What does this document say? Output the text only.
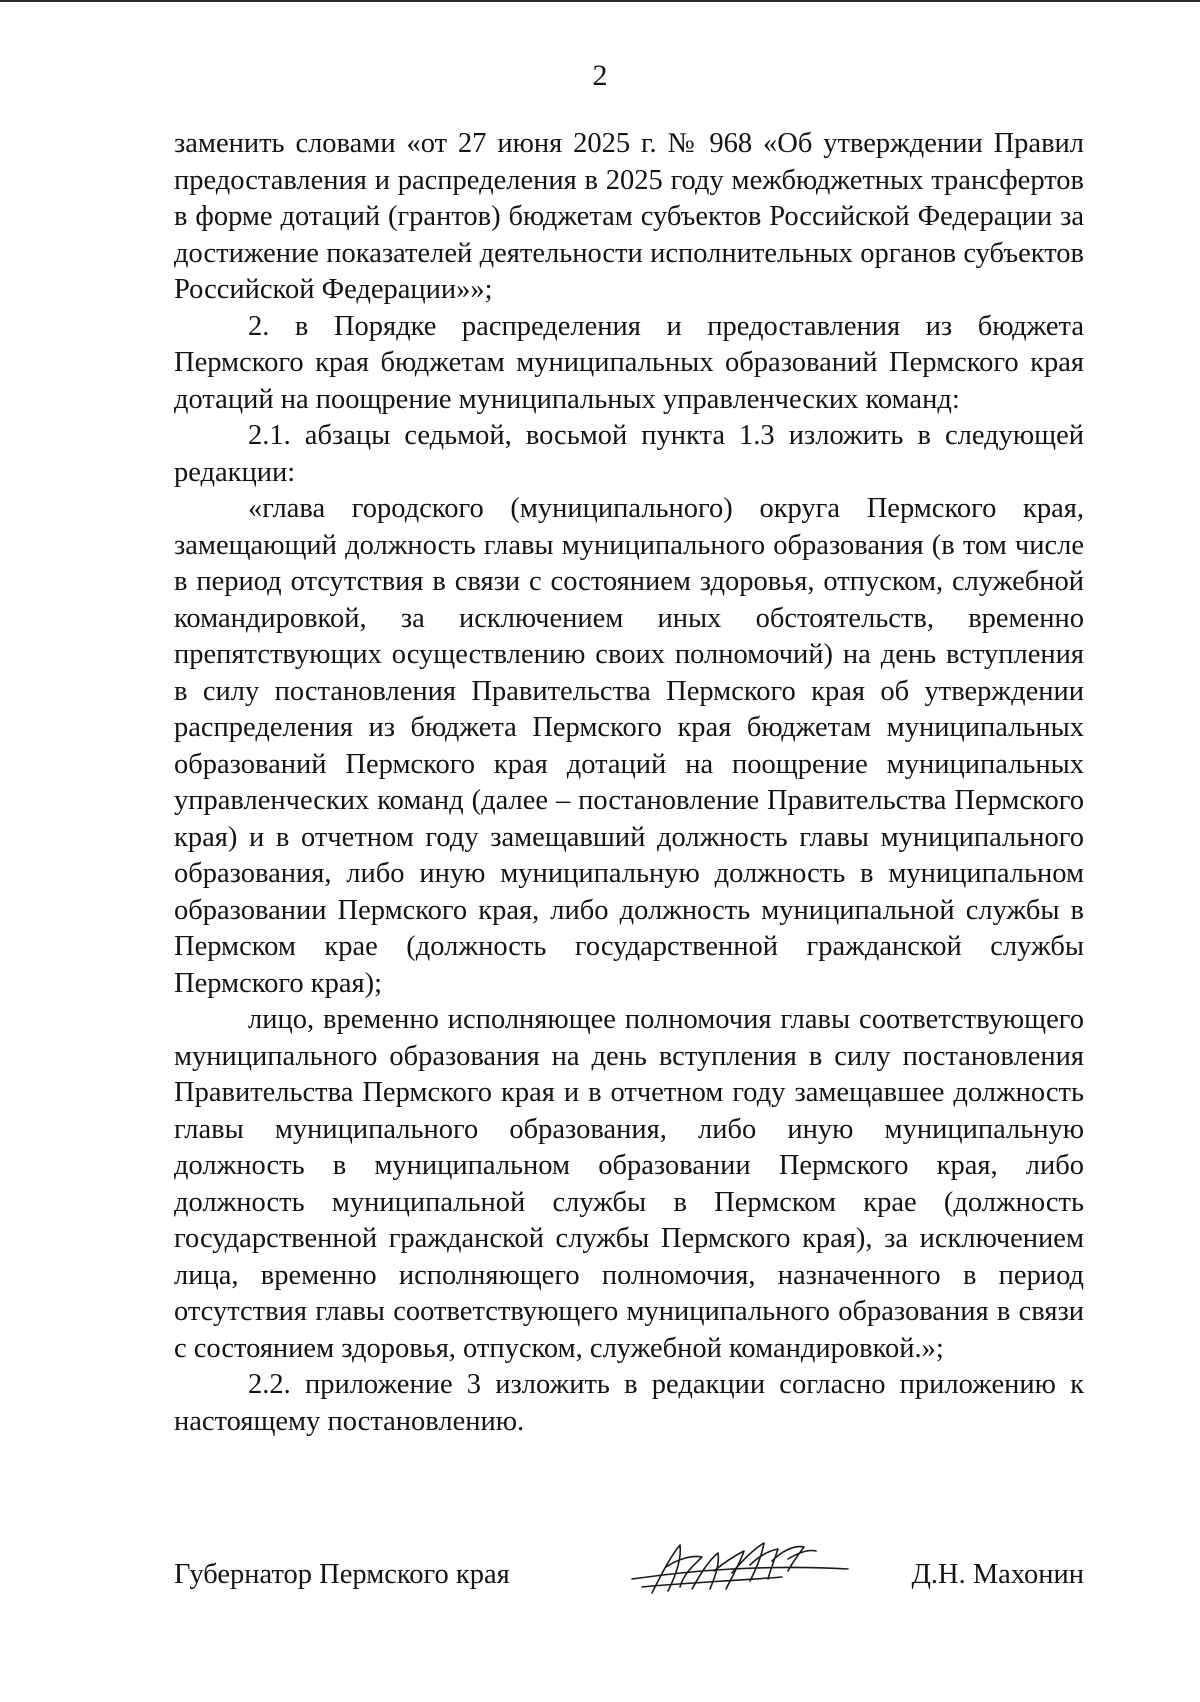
2

заменить словами «от 27 июня 2025 г. № 968 «Об утверждении Правил предоставления и распределения в 2025 году межбюджетных трансфертов в форме дотаций (грантов) бюджетам субъектов Российской Федерации за достижение показателей деятельности исполнительных органов субъектов Российской Федерации»»;

2. в Порядке распределения и предоставления из бюджета Пермского края бюджетам муниципальных образований Пермского края дотаций на поощрение муниципальных управленческих команд:

2.1. абзацы седьмой, восьмой пункта 1.3 изложить в следующей редакции:

«глава городского (муниципального) округа Пермского края, замещающий должность главы муниципального образования (в том числе в период отсутствия в связи с состоянием здоровья, отпуском, служебной командировкой, за исключением иных обстоятельств, временно препятствующих осуществлению своих полномочий) на день вступления в силу постановления Правительства Пермского края об утверждении распределения из бюджета Пермского края бюджетам муниципальных образований Пермского края дотаций на поощрение муниципальных управленческих команд (далее – постановление Правительства Пермского края) и в отчетном году замещавший должность главы муниципального образования, либо иную муниципальную должность в муниципальном образовании Пермского края, либо должность муниципальной службы в Пермском крае (должность государственной гражданской службы Пермского края);

лицо, временно исполняющее полномочия главы соответствующего муниципального образования на день вступления в силу постановления Правительства Пермского края и в отчетном году замещавшее должность главы муниципального образования, либо иную муниципальную должность в муниципальном образовании Пермского края, либо должность муниципальной службы в Пермском крае (должность государственной гражданской службы Пермского края), за исключением лица, временно исполняющего полномочия, назначенного в период отсутствия главы соответствующего муниципального образования в связи с состоянием здоровья, отпуском, служебной командировкой.»;

2.2. приложение 3 изложить в редакции согласно приложению к настоящему постановлению.

Губернатор Пермского края	Д.Н. Махонин
